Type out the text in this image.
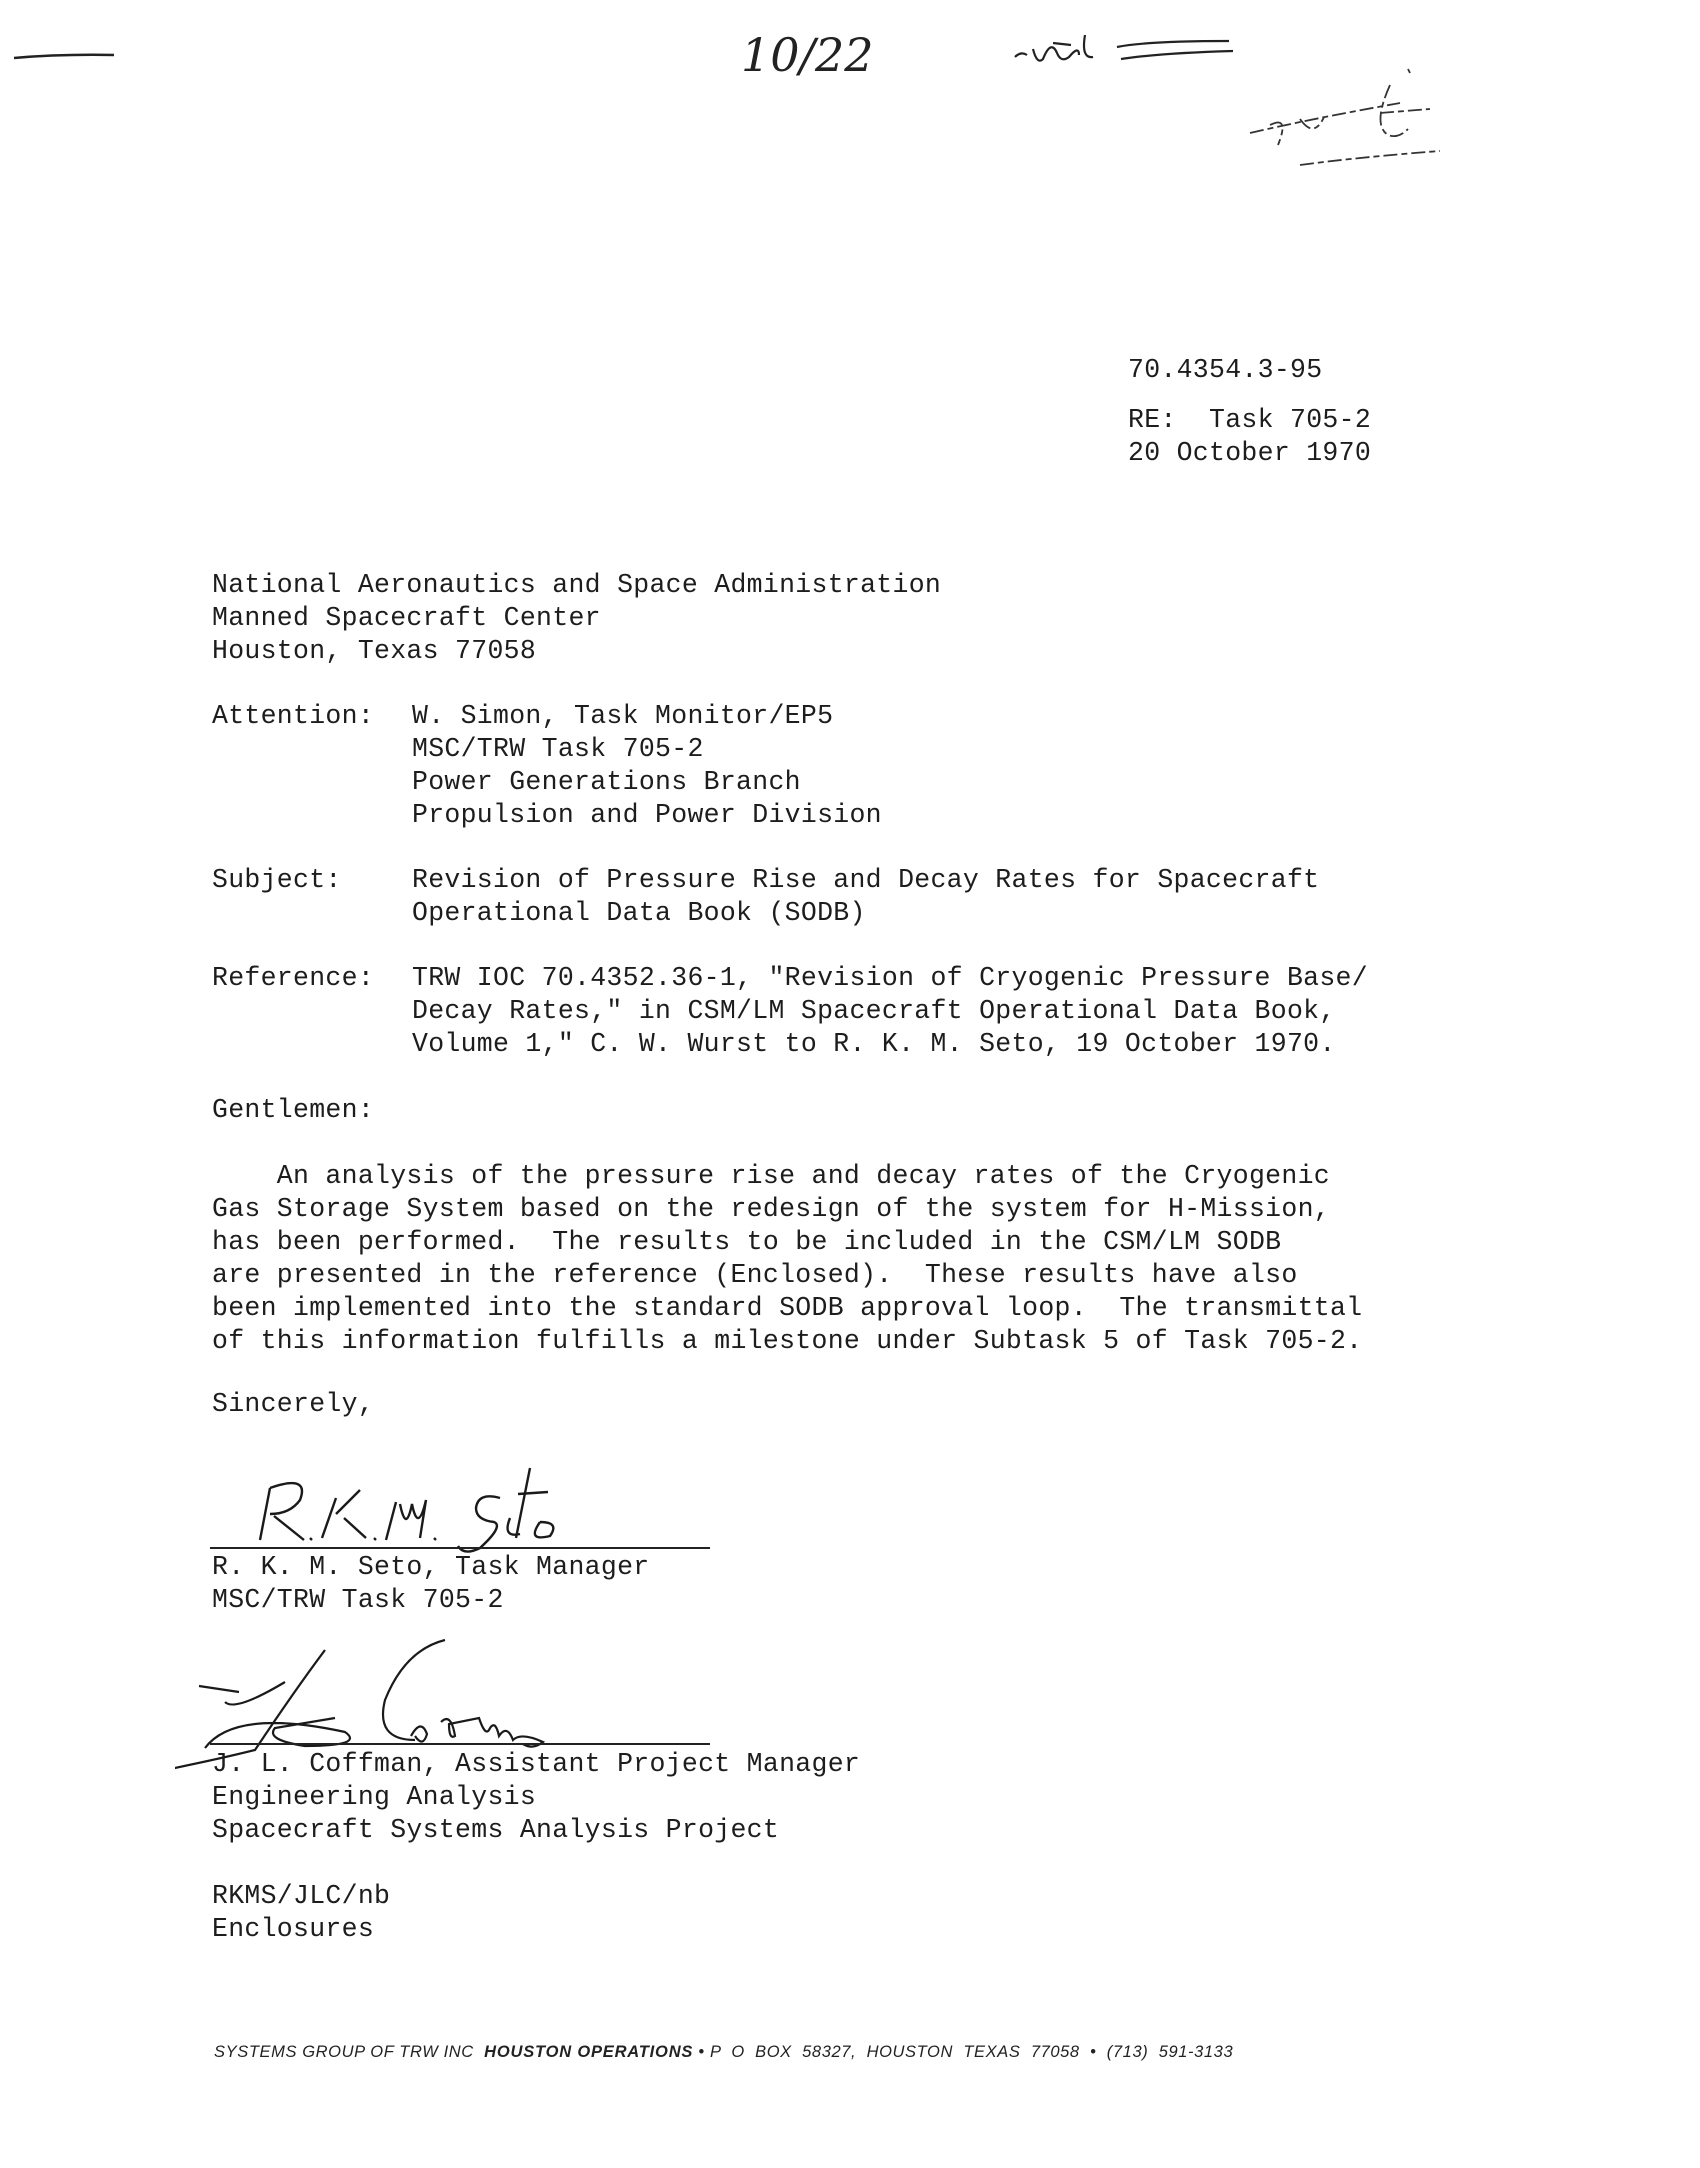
10/22
70.4354.3-95
RE:  Task 705-2
20 October 1970
National Aeronautics and Space Administration
Manned Spacecraft Center
Houston, Texas 77058
Attention: W. Simon, Task Monitor/EP5
MSC/TRW Task 705-2
Power Generations Branch
Propulsion and Power Division
Subject:	Revision of Pressure Rise and Decay Rates for Spacecraft
Operational Data Book (SODB)
Reference: TRW IOC 70.4352.36-1, "Revision of Cryogenic Pressure Base/
Decay Rates," in CSM/LM Spacecraft Operational Data Book,
Volume 1," C. W. Wurst to R. K. M. Seto, 19 October 1970.
Gentlemen:
An analysis of the pressure rise and decay rates of the Cryogenic
Gas Storage System based on the redesign of the system for H-Mission,
has been performed.  The results to be included in the CSM/LM SODB
are presented in the reference (Enclosed).  These results have also
been implemented into the standard SODB approval loop.  The transmittal
of this information fulfills a milestone under Subtask 5 of Task 705-2.
Sincerely,
R. K. M. Seto, Task Manager
MSC/TRW Task 705-2
J. L. Coffman, Assistant Project Manager
Engineering Analysis
Spacecraft Systems Analysis Project
RKMS/JLC/nb
Enclosures
SYSTEMS GROUP OF TRW INC  HOUSTON OPERATIONS • P  O  BOX  58327,  HOUSTON  TEXAS  77058  •  (713)  591-3133
